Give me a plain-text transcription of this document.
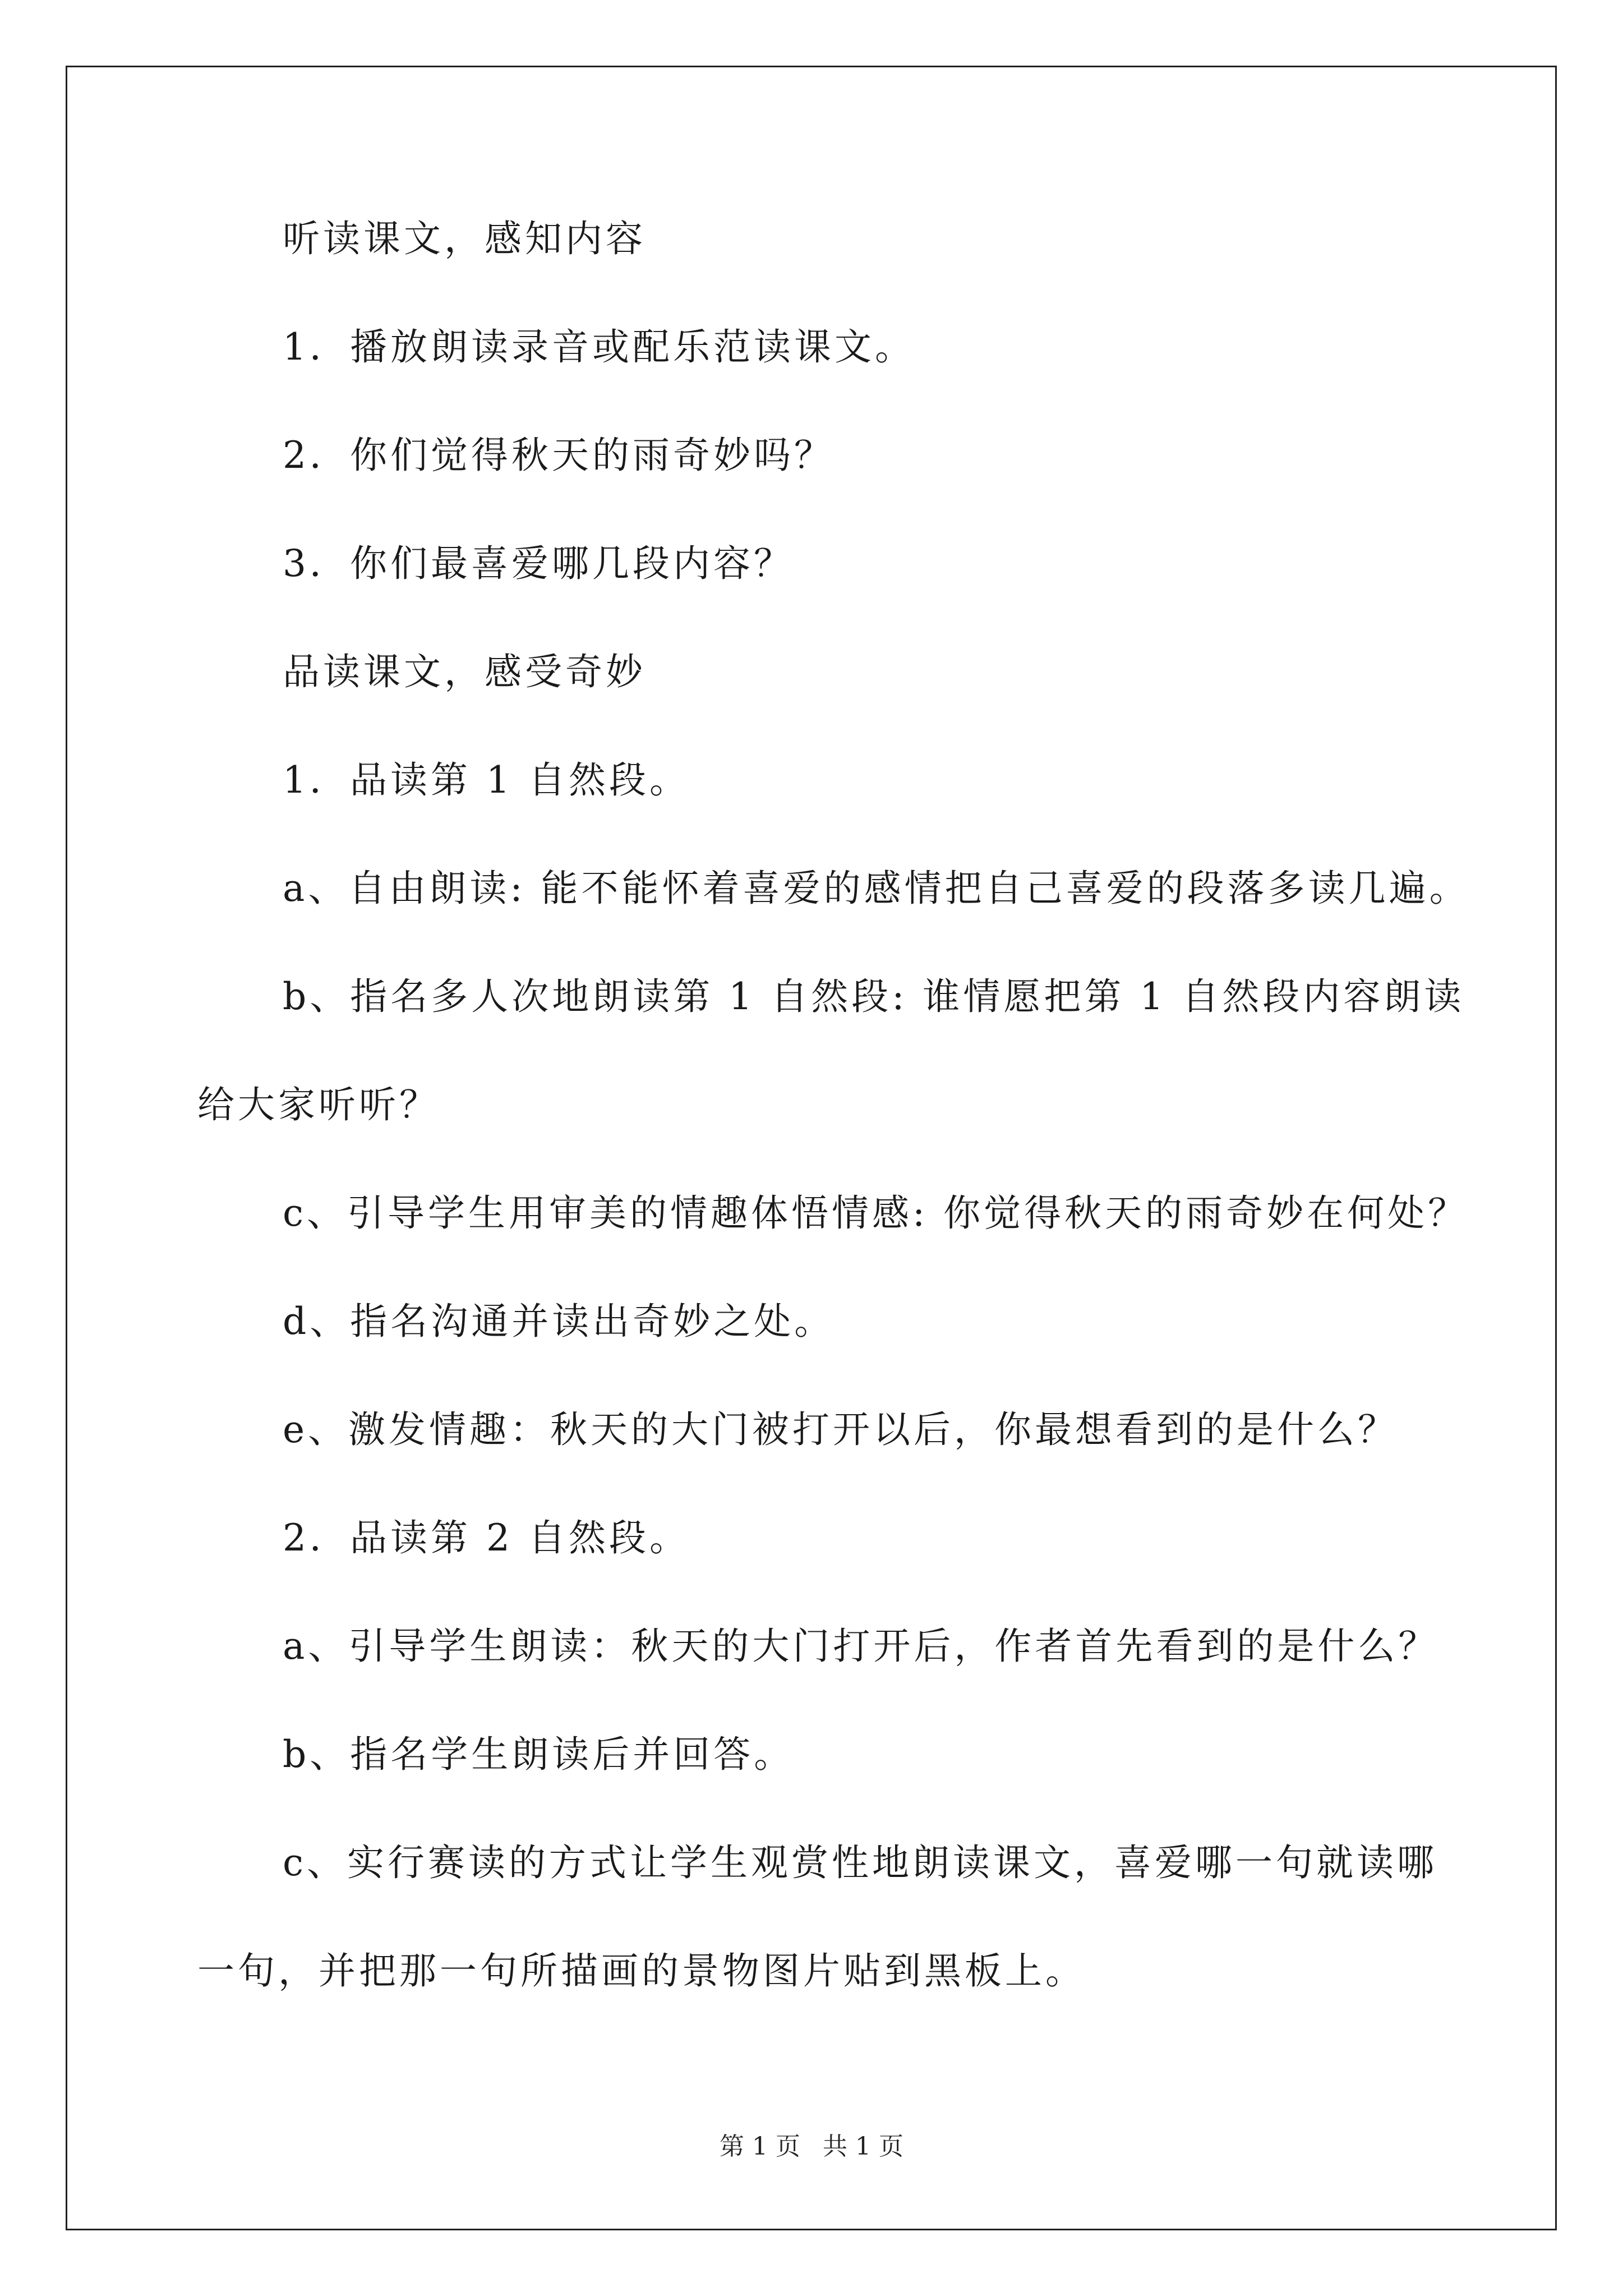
听读课文，感知内容
1．播放朗读录音或配乐范读课文。
2．你们觉得秋天的雨奇妙吗？
3．你们最喜爱哪几段内容？
品读课文，感受奇妙
1．品读第 1 自然段。
a、自由朗读: 能不能怀着喜爱的感情把自己喜爱的段落多读几遍。
b、指名多人次地朗读第 1 自然段: 谁情愿把第 1 自然段内容朗读
给大家听听？
c、引导学生用审美的情趣体悟情感: 你觉得秋天的雨奇妙在何处？
d、指名沟通并读出奇妙之处。
e、激发情趣：秋天的大门被打开以后，你最想看到的是什么？
2．品读第 2 自然段。
a、引导学生朗读：秋天的大门打开后，作者首先看到的是什么？
b、指名学生朗读后并回答。
c、实行赛读的方式让学生观赏性地朗读课文，喜爱哪一句就读哪
一句，并把那一句所描画的景物图片贴到黑板上。
第 1 页 共 1 页
